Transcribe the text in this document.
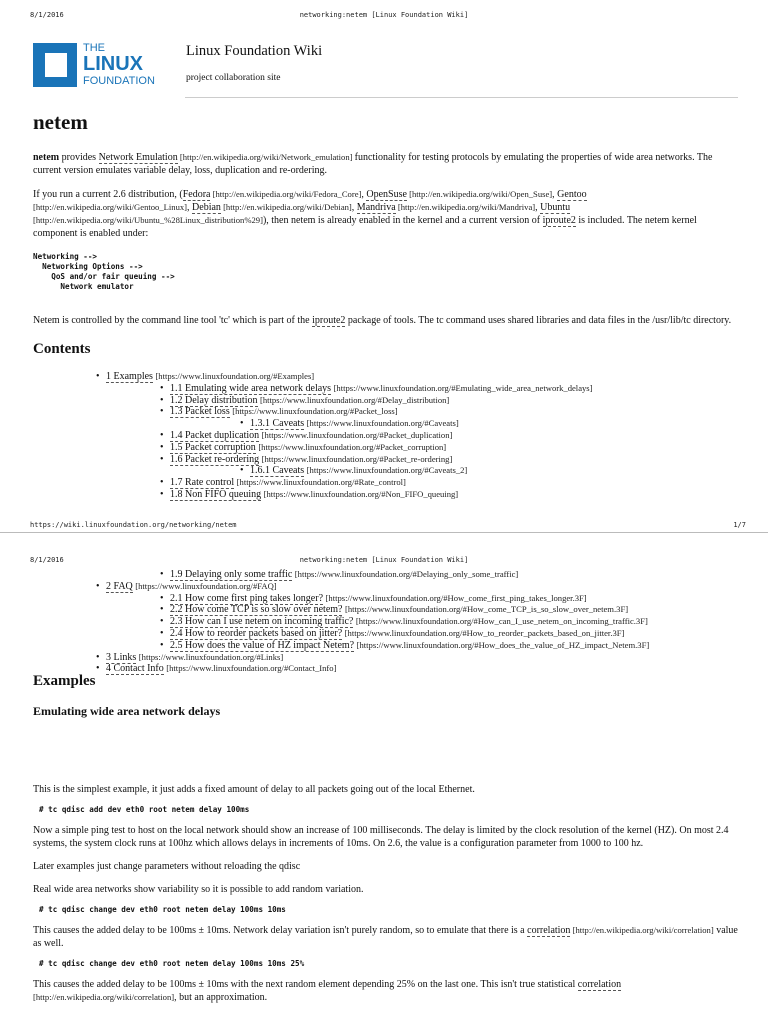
8/1/2016	networking:netem [Linux Foundation Wiki]
THE
LINUX
FOUNDATION
Linux Foundation Wiki
project collaboration site
netem

netem provides Network Emulation [http://en.wikipedia.org/wiki/Network_emulation] functionality for testing protocols by emulating the properties of wide area networks. The current version emulates variable delay, loss, duplication and re-ordering.

If you run a current 2.6 distribution, (Fedora [http://en.wikipedia.org/wiki/Fedora_Core], OpenSuse [http://en.wikipedia.org/wiki/Open_Suse], Gentoo [http://en.wikipedia.org/wiki/Gentoo_Linux], Debian [http://en.wikipedia.org/wiki/Debian], Mandriva [http://en.wikipedia.org/wiki/Mandriva], Ubuntu [http://en.wikipedia.org/wiki/Ubuntu_%28Linux_distribution%29]), then netem is already enabled in the kernel and a current version of iproute2 is included. The netem kernel component is enabled under:

Networking -->
Networking Options -->
QoS and/or fair queuing -->
Network emulator

Netem is controlled by the command line tool 'tc' which is part of the iproute2 package of tools. The tc command uses shared libraries and data files in the /usr/lib/tc directory.

Contents
• 1 Examples [https://www.linuxfoundation.org/#Examples]
• 1.1 Emulating wide area network delays [https://www.linuxfoundation.org/#Emulating_wide_area_network_delays]
• 1.2 Delay distribution [https://www.linuxfoundation.org/#Delay_distribution]
• 1.3 Packet loss [https://www.linuxfoundation.org/#Packet_loss]
• 1.3.1 Caveats [https://www.linuxfoundation.org/#Caveats]
• 1.4 Packet duplication [https://www.linuxfoundation.org/#Packet_duplication]
• 1.5 Packet corruption [https://www.linuxfoundation.org/#Packet_corruption]
• 1.6 Packet re-ordering [https://www.linuxfoundation.org/#Packet_re-ordering]
• 1.6.1 Caveats [https://www.linuxfoundation.org/#Caveats_2]
• 1.7 Rate control [https://www.linuxfoundation.org/#Rate_control]
• 1.8 Non FIFO queuing [https://www.linuxfoundation.org/#Non_FIFO_queuing]
https://wiki.linuxfoundation.org/networking/netem	1/7
8/1/2016	networking:netem [Linux Foundation Wiki]
• 1.9 Delaying only some traffic [https://www.linuxfoundation.org/#Delaying_only_some_traffic]
• 2 FAQ [https://www.linuxfoundation.org/#FAQ]
• 2.1 How come first ping takes longer? [https://www.linuxfoundation.org/#How_come_first_ping_takes_longer.3F]
• 2.2 How come TCP is so slow over netem? [https://www.linuxfoundation.org/#How_come_TCP_is_so_slow_over_netem.3F]
• 2.3 How can I use netem on incoming traffic? [https://www.linuxfoundation.org/#How_can_I_use_netem_on_incoming_traffic.3F]
• 2.4 How to reorder packets based on jitter? [https://www.linuxfoundation.org/#How_to_reorder_packets_based_on_jitter.3F]
• 2.5 How does the value of HZ impact Netem? [https://www.linuxfoundation.org/#How_does_the_value_of_HZ_impact_Netem.3F]
• 3 Links [https://www.linuxfoundation.org/#Links]
• 4 Contact Info [https://www.linuxfoundation.org/#Contact_Info]
Examples
Emulating wide area network delays

This is the simplest example, it just adds a fixed amount of delay to all packets going out of the local Ethernet.

# tc qdisc add dev eth0 root netem delay 100ms

Now a simple ping test to host on the local network should show an increase of 100 milliseconds. The delay is limited by the clock resolution of the kernel (HZ). On most 2.4 systems, the system clock runs at 100hz which allows delays in increments of 10ms. On 2.6, the value is a configuration parameter from 1000 to 100 hz.

Later examples just change parameters without reloading the qdisc

Real wide area networks show variability so it is possible to add random variation.

# tc qdisc change dev eth0 root netem delay 100ms 10ms

This causes the added delay to be 100ms ± 10ms. Network delay variation isn't purely random, so to emulate that there is a correlation [http://en.wikipedia.org/wiki/correlation] value as well.

# tc qdisc change dev eth0 root netem delay 100ms 10ms 25%

This causes the added delay to be 100ms ± 10ms with the next random element depending 25% on the last one. This isn't true statistical correlation [http://en.wikipedia.org/wiki/correlation], but an approximation.
